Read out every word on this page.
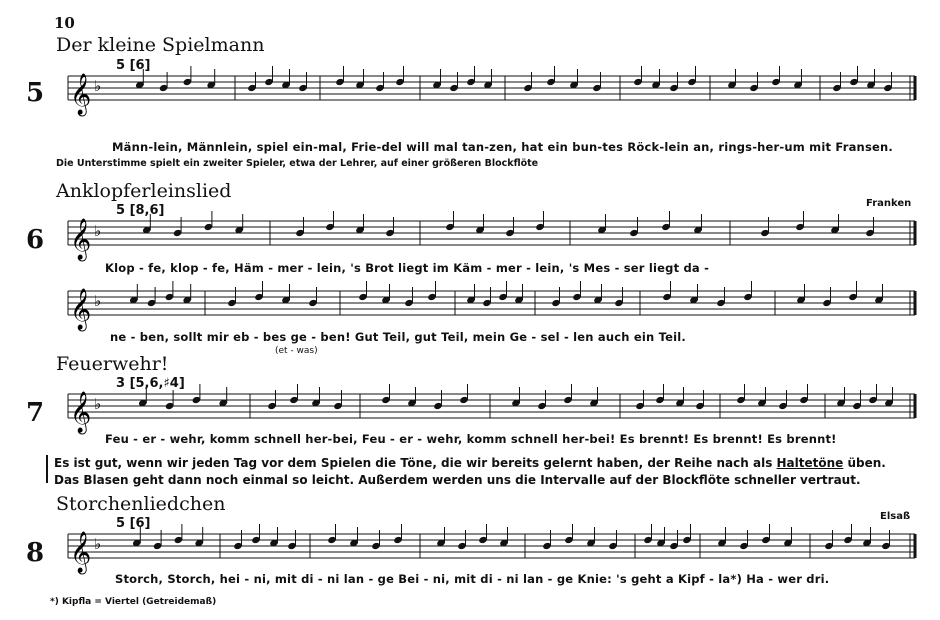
10
Der kleine Spielmann
5 [6]
5 𝄞 ♭
Männ-lein, Männlein, spiel ein-mal, Frie-del will mal tan-zen, hat ein bun-tes Röck-lein an, rings-her-um mit Fransen.
Die Unterstimme spielt ein zweiter Spieler, etwa der Lehrer, auf einer größeren Blockflöte
Anklopferleinslied
5 [8,6]	Franken
6 𝄞 ♭
Klop - fe, klop - fe, Häm - mer - lein, 's Brot liegt im Käm - mer - lein, 's Mes - ser liegt da -
𝄞 ♭
ne - ben, sollt mir eb - bes ge - ben! Gut Teil, gut Teil, mein Ge - sel - len auch ein Teil.
(et - was)
Feuerwehr!
3 [5,6,♯4]
7 𝄞 ♭
Feu - er - wehr, komm schnell her-bei, Feu - er - wehr, komm schnell her-bei! Es brennt! Es brennt! Es brennt!
Es ist gut, wenn wir jeden Tag vor dem Spielen die Töne, die wir bereits gelernt haben, der Reihe nach als Haltetöne üben. Das Blasen geht dann noch einmal so leicht. Außerdem werden uns die Intervalle auf der Blockflöte schneller vertraut.
Storchenliedchen
5 [6]	Elsaß
8 𝄞 ♭
Storch, Storch, hei - ni, mit di - ni lan - ge Bei - ni, mit di - ni lan - ge Knie: 's geht a Kipf - la*) Ha - wer dri.
*) Kipfla = Viertel (Getreidemaß)
